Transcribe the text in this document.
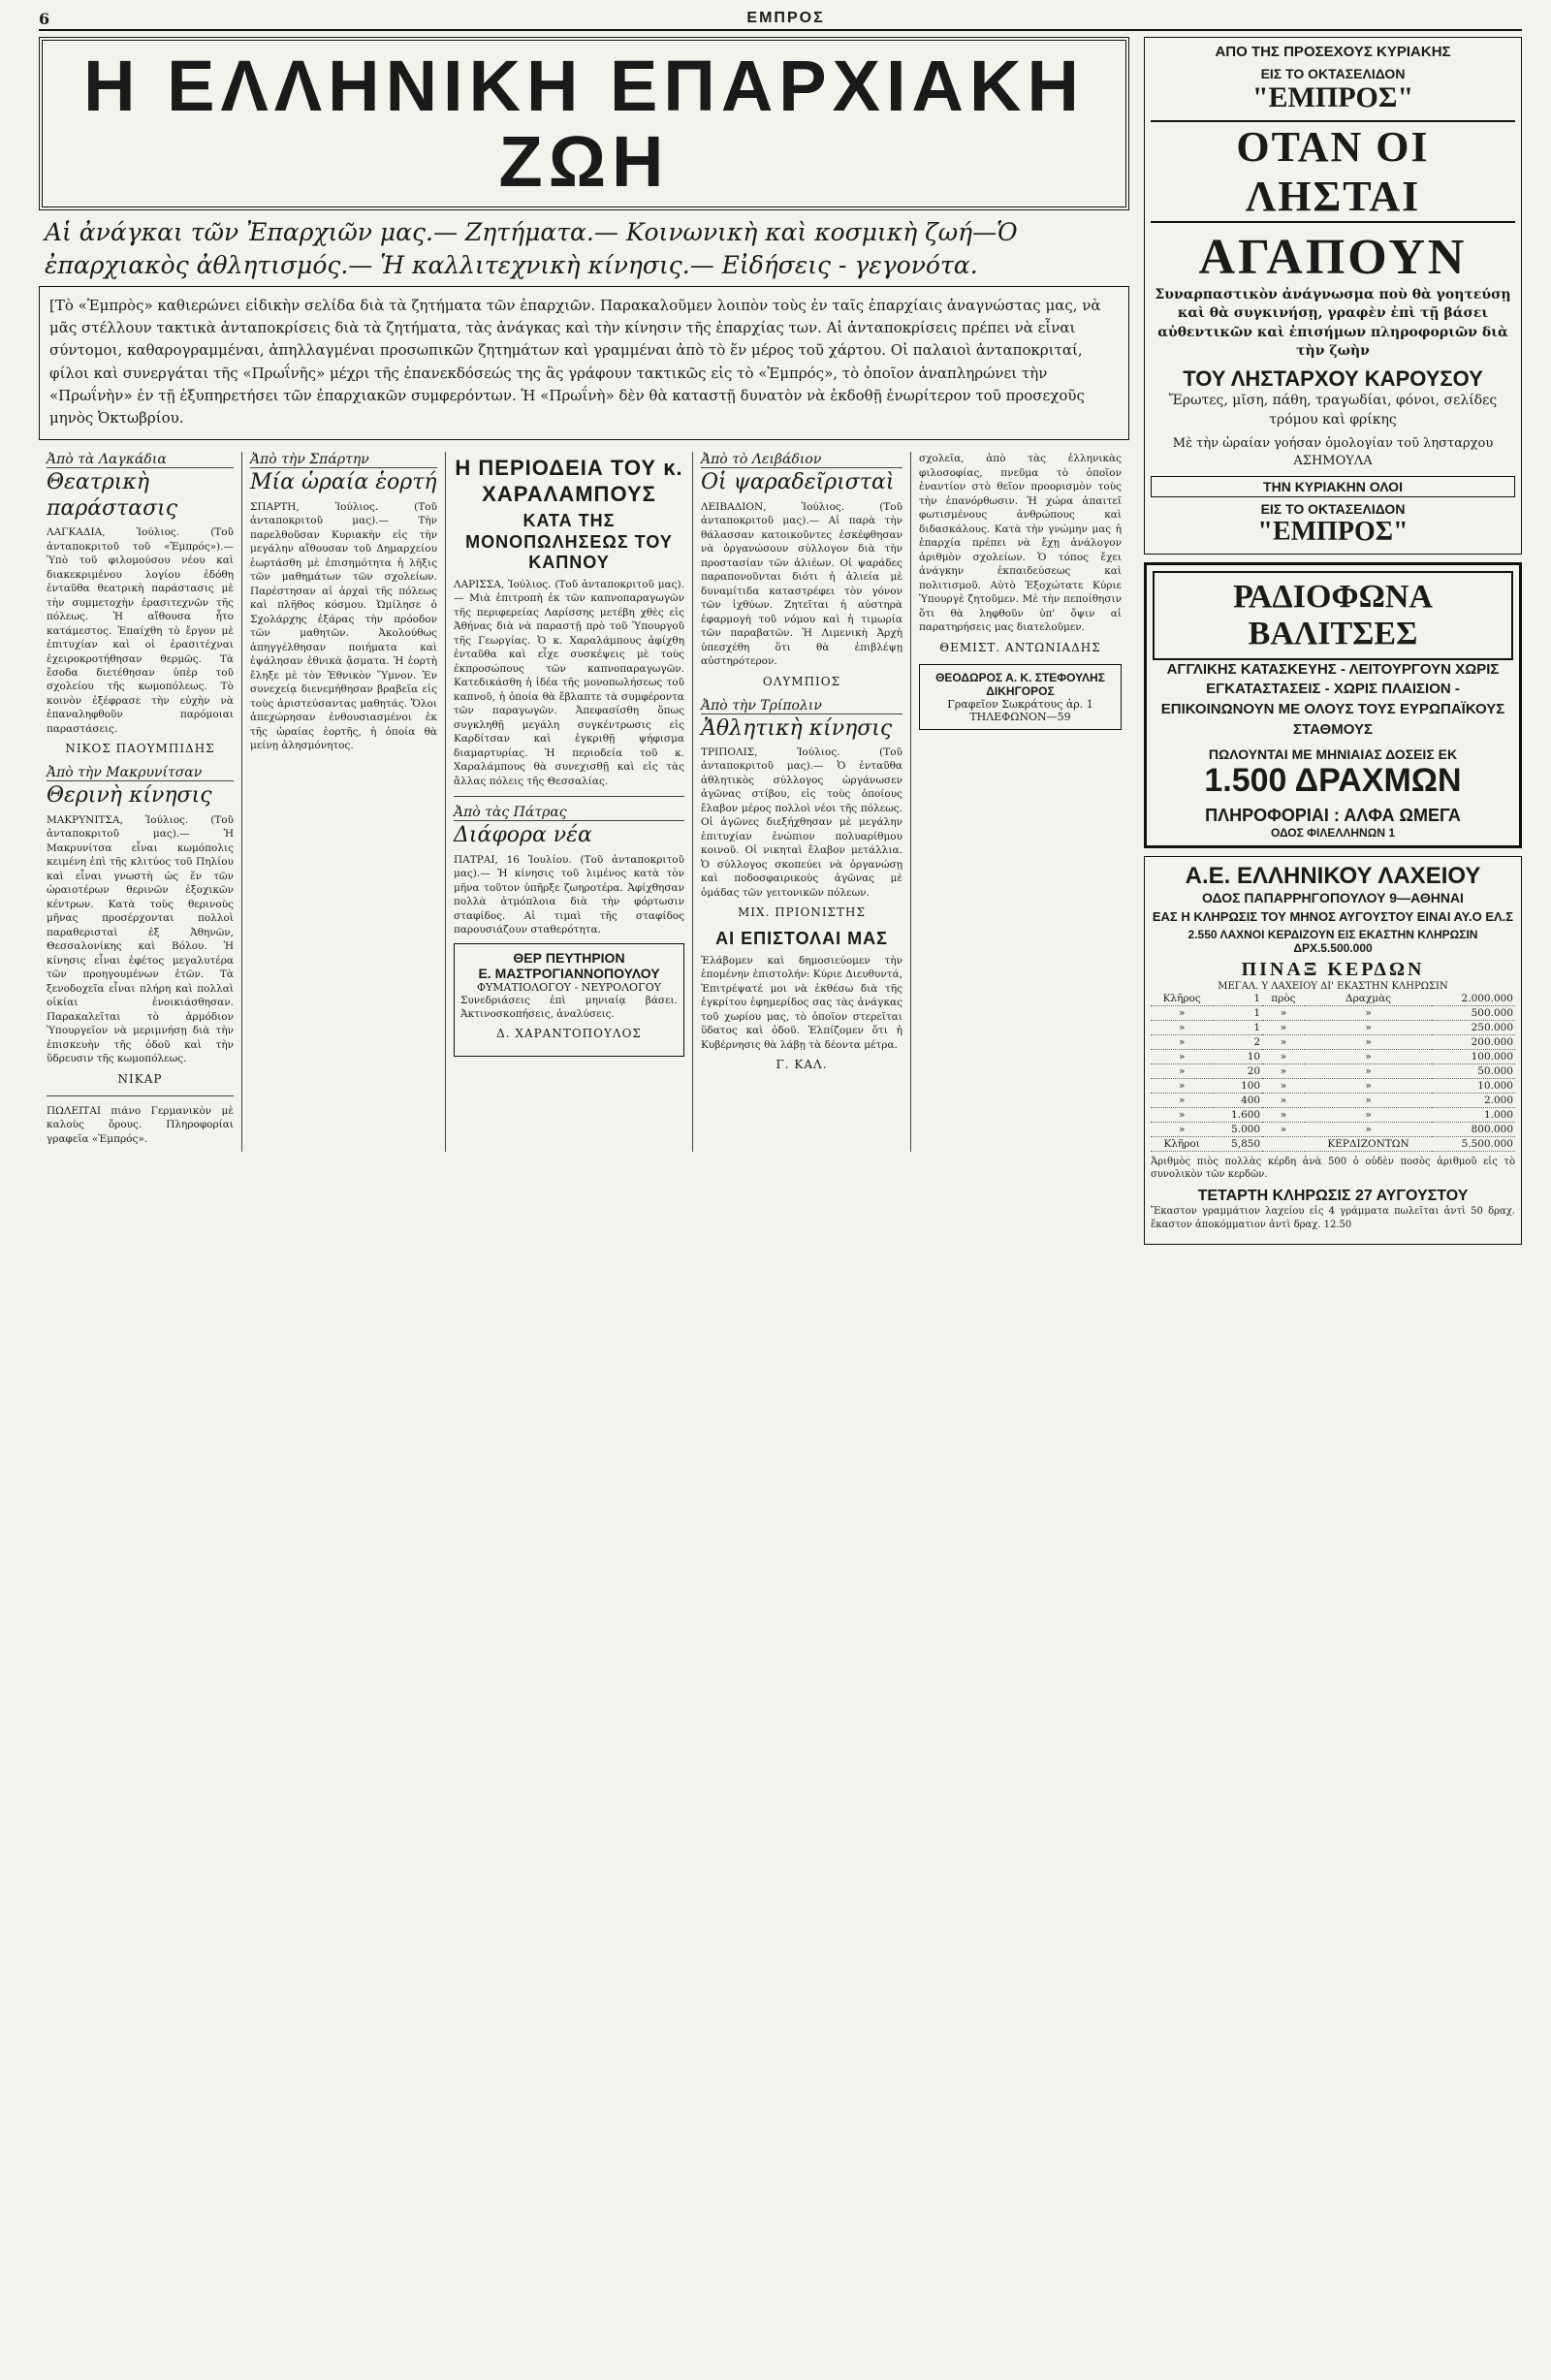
6	ΕΜΠΡΟΣ
Η ΕΛΛΗΝΙΚΗ ΕΠΑΡΧΙΑΚΗ ΖΩΗ
Αἱ ἀνάγκαι τῶν Ἐπαρχιῶν μας.— Ζητήματα.— Κοινωνικὴ καὶ κοσμικὴ ζωή—Ὁ ἐπαρχιακὸς ἀθλητισμός.— Ἡ καλλιτεχνικὴ κίνησις.— Εἰδήσεις - γεγονότα.
[Τὸ «Ἐμπρὸς» καθιερώνει εἰδικὴν σελίδα διὰ τὰ ζητήματα τῶν ἐπαρχιῶν. Παρακαλοῦμεν λοιπὸν τοὺς ἐν ταῖς ἐπαρχίαις ἀναγνώστας μας, νὰ μᾶς στέλλουν τακτικὰ ἀνταποκρίσεις διὰ τὰ ζητήματα, τὰς ἀνάγκας καὶ τὴν κίνησιν τῆς ἐπαρχίας των. Αἱ ἀνταποκρίσεις πρέπει νὰ εἶναι σύντομοι, καθαρογραμμέναι, ἀπηλλαγμέναι προσωπικῶν ζητημάτων καὶ γραμμέναι ἀπὸ τὸ ἕν μέρος τοῦ χάρτου. Οἱ παλαιοὶ ἀνταποκριταί, φίλοι καὶ συνεργάται τῆς «Πρωΐνῆς» μέχρι τῆς ἐπανεκδόσεώς της ἂς γράφουν τακτικῶς εἰς τὸ «Ἐμπρός», τὸ ὁποῖον ἀναπληρώνει τὴν «Πρωΐνὴν» ἐν τῇ ἐξυπηρετήσει τῶν ἐπαρχιακῶν συμφερόντων. Ἡ «Πρωΐνὴ» δὲν θὰ καταστῇ δυνατὸν νὰ ἐκδοθῇ ἐνωρίτερον τοῦ προσεχοῦς μηνὸς Ὀκτωβρίου.
Ἀπὸ τὰ Λαγκάδια
Θεατρικὴ παράστασις

ΛΑΓΚΑΔΙΑ, Ἰούλιος. (Τοῦ ἀνταποκριτοῦ τοῦ «Ἐμπρός»).— Ὑπὸ τοῦ φιλομούσου νέου καὶ διακεκριμένου λογίου ἐδόθη ἐνταῦθα θεατρικὴ παράστασις μὲ τὴν συμμετοχὴν ἐρασιτεχνῶν τῆς πόλεως. Ἡ αἴθουσα ἦτο κατάμεστος. Ἐπαίχθη τὸ ἔργον μὲ ἐπιτυχίαν καὶ οἱ ἐρασιτέχναι ἐχειροκροτήθησαν θερμῶς. Τὰ ἔσοδα διετέθησαν ὑπὲρ τοῦ σχολείου τῆς κωμοπόλεως. Τὸ κοινὸν ἐξέφρασε τὴν εὐχὴν νὰ ἐπαναληφθοῦν παρόμοιαι παραστάσεις.

ΝΙΚΟΣ ΠΑΟΥΜΠΙΔΗΣ
Ἀπὸ τὴν Μακρυνίτσαν
Θερινὴ κίνησις

ΜΑΚΡΥΝΙΤΣΑ, Ἰούλιος. (Τοῦ ἀνταποκριτοῦ μας).— Ἡ Μακρυνίτσα εἶναι κωμόπολις κειμένη ἐπὶ τῆς κλιτύος τοῦ Πηλίου καὶ εἶναι γνωστὴ ὡς ἕν τῶν ὡραιοτέρων θερινῶν ἐξοχικῶν κέντρων. Κατὰ τοὺς θερινοὺς μῆνας προσέρχονται πολλοὶ παραθερισταὶ ἐξ Ἀθηνῶν, Θεσσαλονίκης καὶ Βόλου. Ἡ κίνησις εἶναι ἐφέτος μεγαλυτέρα τῶν προηγουμένων ἐτῶν. Τὰ ξενοδοχεῖα εἶναι πλήρη καὶ πολλαὶ οἰκίαι ἐνοικιάσθησαν. Παρακαλεῖται τὸ ἁρμόδιον Ὑπουργεῖον νὰ μεριμνήσῃ διὰ τὴν ἐπισκευὴν τῆς ὁδοῦ καὶ τὴν ὕδρευσιν τῆς κωμοπόλεως.

ΝΙΚΑΡ

ΠΩΛΕΙΤΑΙ πιάνο Γερμανικὸν μὲ καλοὺς ὅρους. Πληροφορίαι γραφεῖα «Ἐμπρός».

Ἀπὸ τὴν Σπάρτην
Μία ὡραία ἑορτή

ΣΠΑΡΤΗ, Ἰούλιος. (Τοῦ ἀνταποκριτοῦ μας).— Τὴν παρελθοῦσαν Κυριακὴν εἰς τὴν μεγάλην αἴθουσαν τοῦ Δημαρχείου ἐωρτάσθη μὲ ἐπισημότητα ἡ λῆξις τῶν μαθημάτων τῶν σχολείων. Παρέστησαν αἱ ἀρχαὶ τῆς πόλεως καὶ πλῆθος κόσμου. Ὡμίλησε ὁ Σχολάρχης ἐξάρας τὴν πρόοδον τῶν μαθητῶν. Ἀκολούθως ἀπηγγέλθησαν ποιήματα καὶ ἐψάλησαν ἐθνικὰ ᾄσματα. Ἡ ἑορτὴ ἔληξε μὲ τὸν Ἐθνικὸν Ὕμνον. Ἐν συνεχείᾳ διενεμήθησαν βραβεῖα εἰς τοὺς ἀριστεύσαντας μαθητάς. Ὅλοι ἀπεχώρησαν ἐνθουσιασμένοι ἐκ τῆς ὡραίας ἑορτῆς, ἡ ὁποία θὰ μείνῃ ἀλησμόνητος.

Η ΠΕΡΙΟΔΕΙΑ ΤΟΥ κ. ΧΑΡΑΛΑΜΠΟΥΣ
ΚΑΤΑ ΤΗΣ ΜΟΝΟΠΩΛΗΣΕΩΣ ΤΟΥ ΚΑΠΝΟΥ

ΛΑΡΙΣΣΑ, Ἰούλιος. (Τοῦ ἀνταποκριτοῦ μας).— Μιὰ ἐπιτροπὴ ἐκ τῶν καπνοπαραγωγῶν τῆς περιφερείας Λαρίσσης μετέβη χθὲς εἰς Ἀθήνας διὰ νὰ παραστῇ πρὸ τοῦ Ὑπουργοῦ τῆς Γεωργίας. Ὁ κ. Χαραλάμπους ἀφίχθη ἐνταῦθα καὶ εἶχε συσκέψεις μὲ τοὺς ἐκπροσώπους τῶν καπνοπαραγωγῶν. Κατεδικάσθη ἡ ἰδέα τῆς μονοπωλήσεως τοῦ καπνοῦ, ἡ ὁποία θὰ ἔβλαπτε τὰ συμφέροντα τῶν παραγωγῶν. Ἀπεφασίσθη ὅπως συγκληθῇ μεγάλη συγκέντρωσις εἰς Καρδίτσαν καὶ ἐγκριθῇ ψήφισμα διαμαρτυρίας. Ἡ περιοδεία τοῦ κ. Χαραλάμπους θὰ συνεχισθῇ καὶ εἰς τὰς ἄλλας πόλεις τῆς Θεσσαλίας.

Ἀπὸ τὰς Πάτρας
Διάφορα νέα

ΠΑΤΡΑΙ, 16 Ἰουλίου. (Τοῦ ἀνταποκριτοῦ μας).— Ἡ κίνησις τοῦ λιμένος κατὰ τὸν μῆνα τοῦτον ὑπῆρξε ζωηροτέρα. Ἀφίχθησαν πολλὰ ἀτμόπλοια διὰ τὴν φόρτωσιν σταφίδος. Αἱ τιμαὶ τῆς σταφίδος παρουσιάζουν σταθερότητα.

ΘΕΡ ΠΕΥΤΗΡΙΟΝ
Ε. ΜΑΣΤΡΟΓΙΑΝΝΟΠΟΥΛΟΥ
ΦΥΜΑΤΙΟΛΟΓΟΥ - ΝΕΥΡΟΛΟΓΟΥ

Συνεδριάσεις ἐπὶ μηνιαίᾳ βάσει. Ἀκτινοσκοπήσεις, ἀναλύσεις.

Δ. ΧΑΡΑΝΤΟΠΟΥΛΟΣ
Ἀπὸ τὸ Λειβάδιον
Οἱ ψαραδεῖρισταὶ

ΛΕΙΒΑΔΙΟΝ, Ἰούλιος. (Τοῦ ἀνταποκριτοῦ μας).— Αἱ παρὰ τὴν θάλασσαν κατοικοῦντες ἐσκέφθησαν νὰ ὀργανώσουν σύλλογον διὰ τὴν προστασίαν τῶν ἁλιέων. Οἱ ψαράδες παραπονοῦνται διότι ἡ ἁλιεία μὲ δυναμίτιδα καταστρέφει τὸν γόνον τῶν ἰχθύων. Ζητεῖται ἡ αὐστηρὰ ἐφαρμογὴ τοῦ νόμου καὶ ἡ τιμωρία τῶν παραβατῶν. Ἡ Λιμενικὴ Ἀρχὴ ὑπεσχέθη ὅτι θὰ ἐπιβλέψῃ αὐστηρότερον.

ΟΛΥΜΠΙΟΣ
Ἀπὸ τὴν Τρίπολιν
Ἀθλητικὴ κίνησις

ΤΡΙΠΟΛΙΣ, Ἰούλιος. (Τοῦ ἀνταποκριτοῦ μας).— Ὁ ἐνταῦθα ἀθλητικὸς σύλλογος ὠργάνωσεν ἀγῶνας στίβου, εἰς τοὺς ὁποίους ἔλαβον μέρος πολλοὶ νέοι τῆς πόλεως. Οἱ ἀγῶνες διεξήχθησαν μὲ μεγάλην ἐπιτυχίαν ἐνώπιον πολυαρίθμου κοινοῦ. Οἱ νικηταὶ ἔλαβον μετάλλια. Ὁ σύλλογος σκοπεύει νὰ ὀργανώσῃ καὶ ποδοσφαιρικοὺς ἀγῶνας μὲ ὁμάδας τῶν γειτονικῶν πόλεων.

ΜΙΧ. ΠΡΙΟΝΙΣΤΗΣ
ΑΙ ΕΠΙΣΤΟΛΑΙ ΜΑΣ

Ἐλάβομεν καὶ δημοσιεύομεν τὴν ἑπομένην ἐπιστολήν: Κύριε Διευθυντά, Ἐπιτρέψατέ μοι νὰ ἐκθέσω διὰ τῆς ἐγκρίτου ἐφημερίδος σας τὰς ἀνάγκας τοῦ χωρίου μας, τὸ ὁποῖον στερεῖται ὕδατος καὶ ὁδοῦ. Ἐλπίζομεν ὅτι ἡ Κυβέρνησις θὰ λάβῃ τὰ δέοντα μέτρα.

Γ. ΚΑΛ.

σχολεῖα, ἀπὸ τὰς ἑλληνικὰς φιλοσοφίας, πνεῦμα τὸ ὁποῖον ἐναντίον στὸ θεῖον προορισμὸν τοὺς τὴν ἐπανόρθωσιν. Ἡ χώρα ἀπαιτεῖ φωτισμένους ἀνθρώπους καὶ διδασκάλους. Κατὰ τὴν γνώμην μας ἡ ἐπαρχία πρέπει νὰ ἔχῃ ἀνάλογον ἀριθμὸν σχολείων. Ὁ τόπος ἔχει ἀνάγκην ἐκπαιδεύσεως καὶ πολιτισμοῦ. Αὐτὸ Ἐξοχώτατε Κύριε Ὑπουργὲ ζητοῦμεν. Μὲ τὴν πεποίθησιν ὅτι θὰ ληφθοῦν ὑπ' ὄψιν αἱ παρατηρήσεις μας διατελοῦμεν.

ΘΕΜΙΣΤ. ΑΝΤΩΝΙΑΔΗΣ
ΘΕΟΔΩΡΟΣ Α. Κ. ΣΤΕΦΟΥΛΗΣ
ΔΙΚΗΓΟΡΟΣ
Γραφεῖον Σωκράτους ἀρ. 1
ΤΗΛΕΦΩΝΟΝ—59
ΑΠΟ ΤΗΣ ΠΡΟΣΕΧΟΥΣ ΚΥΡΙΑΚΗΣ
ΕΙΣ ΤΟ ΟΚΤΑΣΕΛΙΔΟΝ
"ΕΜΠΡΟΣ"
ΟΤΑΝ ΟΙ ΛΗΣΤΑΙ
ΑΓΑΠΟΥΝ

Συναρπαστικὸν ἀνάγνωσμα ποὺ θὰ γοητεύσῃ καὶ θὰ συγκινήσῃ, γραφὲν ἐπὶ τῇ βάσει αὐθεντικῶν καὶ ἐπισήμων πληροφοριῶν διὰ τὴν ζωὴν

ΤΟΥ ΛΗΣΤΑΡΧΟΥ ΚΑΡΟΥΣΟΥ

Ἔρωτες, μῖση, πάθη, τραγωδίαι, φόνοι, σελίδες τρόμου καὶ φρίκης

Μὲ τὴν ὡραίαν γοήσαν ὁμολογίαν τοῦ λησταρχου ΑΣΗΜΟΥΛΑ

ΤΗΝ ΚΥΡΙΑΚΗΝ ΟΛΟΙ
ΕΙΣ ΤΟ ΟΚΤΑΣΕΛΙΔΟΝ
"ΕΜΠΡΟΣ"
ΡΑΔΙΟΦΩΝΑ ΒΑΛΙΤΣΕΣ

ΑΓΓΛΙΚΗΣ ΚΑΤΑΣΚΕΥΗΣ - ΛΕΙΤΟΥΡΓΟΥΝ ΧΩΡΙΣ ΕΓΚΑΤΑΣΤΑΣΕΙΣ - ΧΩΡΙΣ ΠΛΑΙΣΙΟΝ - ΕΠΙΚΟΙΝΩΝΟΥΝ ΜΕ ΟΛΟΥΣ ΤΟΥΣ ΕΥΡΩΠΑΪΚΟΥΣ ΣΤΑΘΜΟΥΣ

ΠΩΛΟΥΝΤΑΙ ΜΕ ΜΗΝΙΑΙΑΣ ΔΟΣΕΙΣ ΕΚ
1.500 ΔΡΑΧΜΩΝ
ΠΛΗΡΟΦΟΡΙΑΙ : ΑΛΦΑ ΩΜΕΓΑ
ΟΔΟΣ ΦΙΛΕΛΛΗΝΩΝ 1
Α.Ε. ΕΛΛΗΝΙΚΟΥ ΛΑΧΕΙΟΥ
ΟΔΟΣ ΠΑΠΑΡΡΗΓΟΠΟΥΛΟΥ 9—ΑΘΗΝΑΙ
ΕΑΣ Η ΚΛΗΡΩΣΙΣ ΤΟΥ ΜΗΝΟΣ ΑΥΓΟΥΣΤΟΥ ΕΙΝΑΙ ΑΥ.Ο ΕΛ.Σ
2.550 ΛΑΧΝΟΙ ΚΕΡΔΙΖΟΥΝ ΕΙΣ ΕΚΑΣΤΗΝ ΚΛΗΡΩΣΙΝ ΔΡΧ.5.500.000
ΠΙΝΑΞ ΚΕΡΔΩΝ
ΜΕΓΑΛ. Υ ΛΑΧΕΙΟΥ ΔΙ' ΕΚΑΣΤΗΝ ΚΛΗΡΩΣΙΝ
Κλῆρος	1	πρὸς	Δραχμὰς	2.000.000
»	1	»	»	500.000
»	1	»	»	250.000
»	2	»	»	200.000
»	10	»	»	100.000
»	20	»	»	50.000
»	100	»	»	10.000
»	400	»	»	2.000
»	1.600	»	»	1.000
»	5.000	»	»	800.000
Κλῆροι	5,850		ΚΕΡΔΙΖΟΝΤΩΝ	5.500.000

Ἀριθμὸς πιὸς πολλὰς κέρδη ἀνὰ 500 ὁ οὐδὲν ποσὸς ἀριθμοῦ εἰς τὸ συνολικὸν τῶν κερδῶν.

ΤΕΤΑΡΤΗ ΚΛΗΡΩΣΙΣ 27 ΑΥΓΟΥΣΤΟΥ

Ἕκαστον γραμμάτιον λαχείου εἰς 4 γράμματα πωλεῖται ἀντὶ 50 δραχ. ἕκαστον ἀποκόμματιον ἀντὶ δραχ. 12.50
